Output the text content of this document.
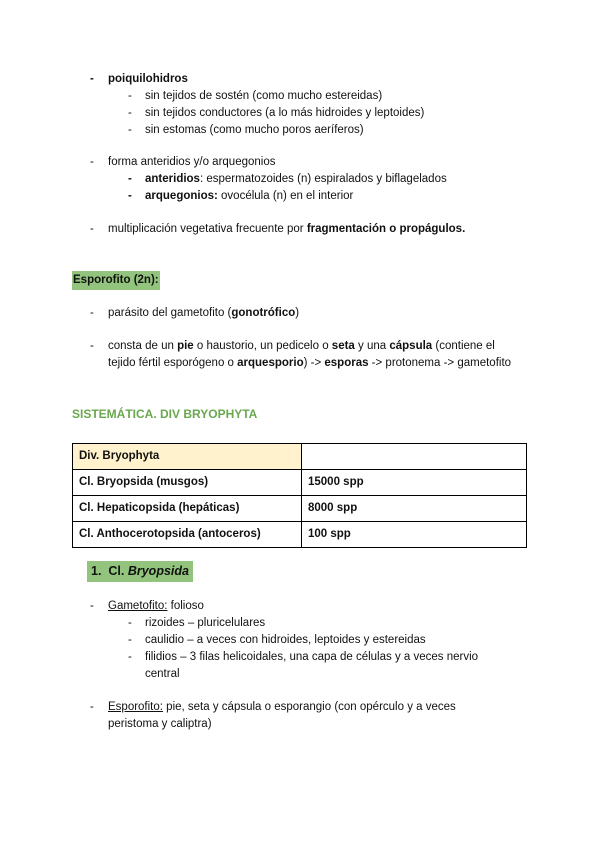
- poiquilohidros
- sin tejidos de sostén (como mucho estereidas)
- sin tejidos conductores (a lo más hidroides y leptoides)
- sin estomas (como mucho poros aeríferos)
- forma anteridios y/o arquegonios
- anteridios: espermatozoides (n) espiralados y biflagelados
- arquegonios: ovocélula (n) en el interior
- multiplicación vegetativa frecuente por fragmentación o propágulos.
Esporofito (2n):
- parásito del gametofito (gonotrófico)
- consta de un pie o haustorio, un pedicelo o seta y una cápsula (contiene el
tejido fértil esporógeno o arquesporio) -> esporas -> protonema -> gametofito
SISTEMÁTICA. DIV BRYOPHYTA
Div. Bryophyta	
Cl. Bryopsida (musgos)	15000 spp
Cl. Hepaticopsida (hepáticas)	8000 spp
Cl. Anthocerotopsida (antoceros)	100 spp
1. Cl. Bryopsida
- Gametofito: folioso
- rizoides – pluricelulares
- caulidio – a veces con hidroides, leptoides y estereidas
- filidios – 3 filas helicoidales, una capa de células y a veces nervio
central
- Esporofito: pie, seta y cápsula o esporangio (con opérculo y a veces
peristoma y caliptra)
